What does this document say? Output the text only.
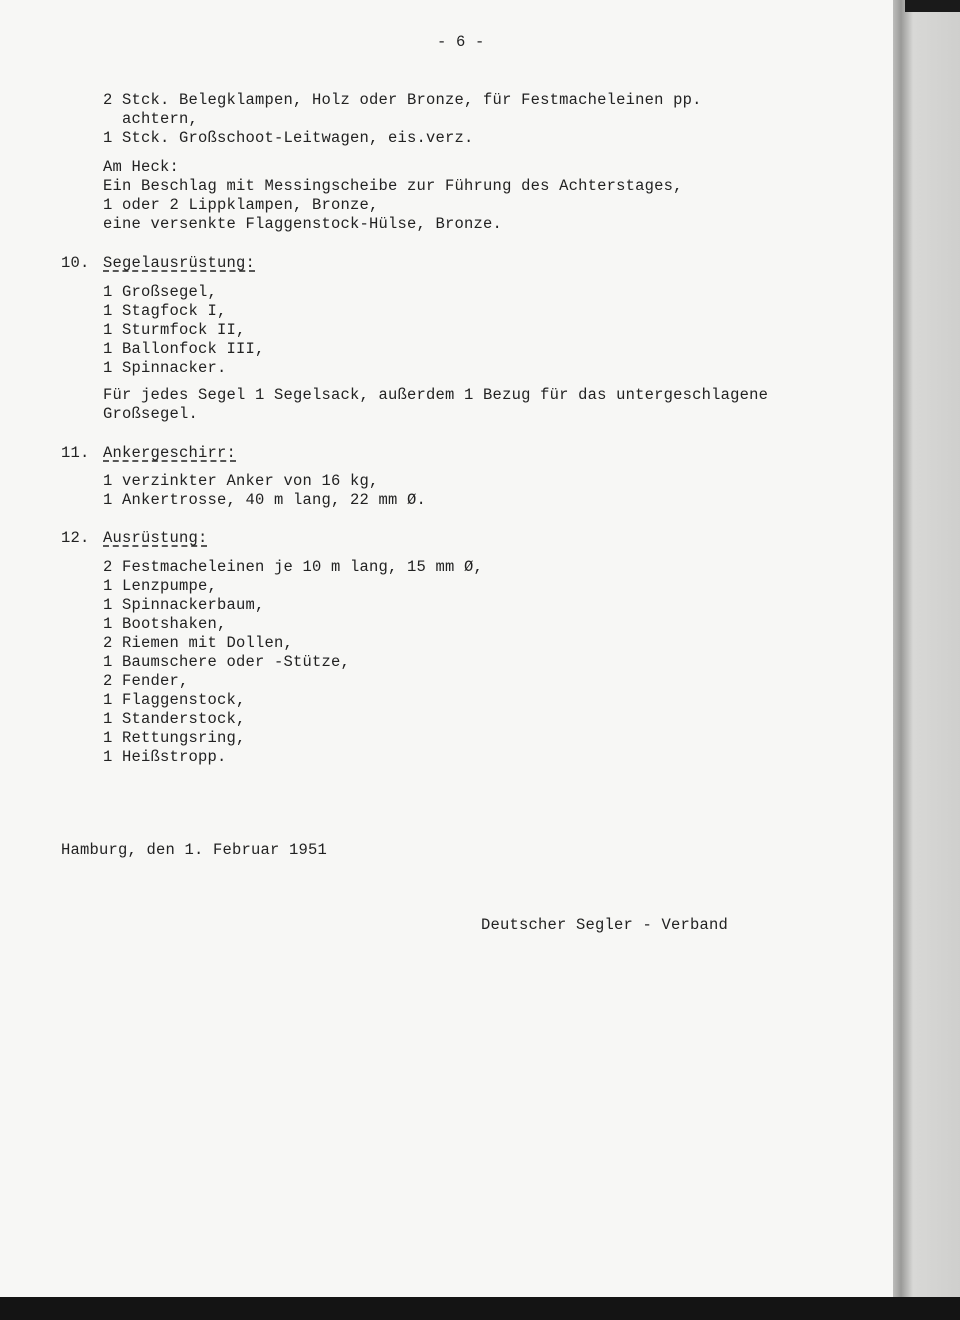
- 6 -
2 Stck. Belegklampen, Holz oder Bronze, für Festmacheleinen pp.
achtern,
1 Stck. Großschoot-Leitwagen, eis.verz.
Am Heck:
Ein Beschlag mit Messingscheibe zur Führung des Achterstages,
1 oder 2 Lippklampen, Bronze,
eine versenkte Flaggenstock-Hülse, Bronze.
10. Segelausrüstung:
1 Großsegel,
1 Stagfock I,
1 Sturmfock II,
1 Ballonfock III,
1 Spinnacker.
Für jedes Segel 1 Segelsack, außerdem 1 Bezug für das untergeschlagene
Großsegel.
11. Ankergeschirr:
1 verzinkter Anker von 16 kg,
1 Ankertrosse, 40 m lang, 22 mm Ø.
12. Ausrüstung:
2 Festmacheleinen je 10 m lang, 15 mm Ø,
1 Lenzpumpe,
1 Spinnackerbaum,
1 Bootshaken,
2 Riemen mit Dollen,
1 Baumschere oder -Stütze,
2 Fender,
1 Flaggenstock,
1 Standerstock,
1 Rettungsring,
1 Heißstropp.
Hamburg, den 1. Februar 1951
Deutscher Segler - Verband
